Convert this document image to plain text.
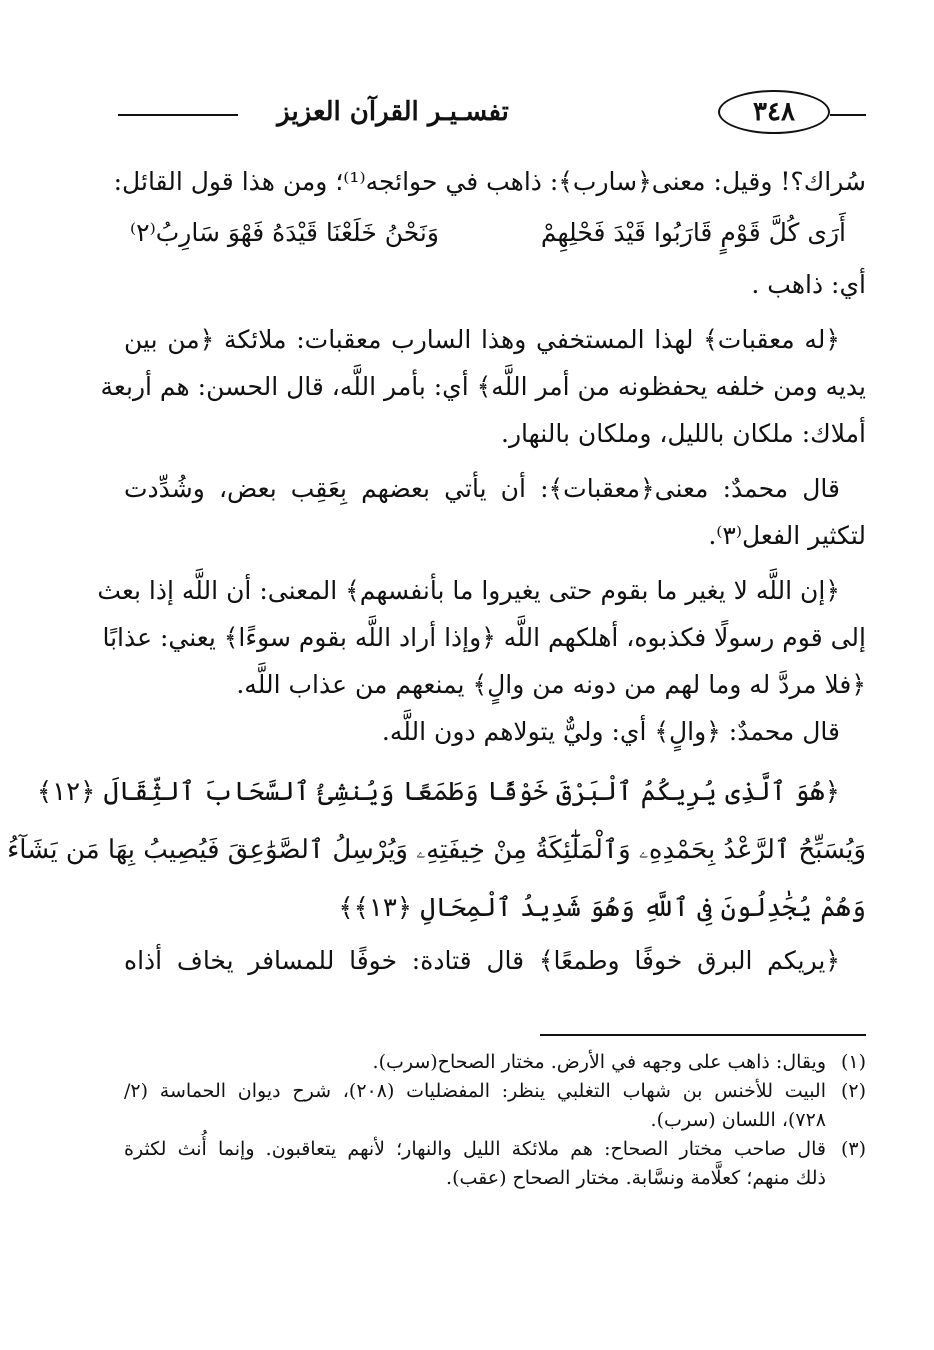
تفسـيـر القرآن العزيز	٣٤٨
سُراك؟! وقيل: معنى﴿سارب﴾: ذاهب في حوائجه⁽¹⁾؛ ومن هذا قول القائل:
أَرَى كُلَّ قَوْمٍ قَارَبُوا قَيْدَ فَحْلِهِمْ
وَنَحْنُ خَلَعْنَا قَيْدَهُ فَهْوَ سَارِبُ⁽٢⁾
أي: ذاهب .
﴿له معقبات﴾ لهذا المستخفي وهذا السارب معقبات: ملائكة ﴿من بين
يديه ومن خلفه يحفظونه من أمر اللَّه﴾ أي: بأمر اللَّه، قال الحسن: هم أربعة
أملاك: ملكان بالليل، وملكان بالنهار.
قال محمدٌ: معنى﴿معقبات﴾: أن يأتي بعضهم بِعَقِب بعض، وشُدِّدت
لتكثير الفعل⁽٣⁾.
﴿إن اللَّه لا يغير ما بقوم حتى يغيروا ما بأنفسهم﴾ المعنى: أن اللَّه إذا بعث
إلى قوم رسولًا فكذبوه، أهلكهم اللَّه ﴿وإذا أراد اللَّه بقوم سوءًا﴾ يعني: عذابًا
﴿فلا مردَّ له وما لهم من دونه من والٍ﴾ يمنعهم من عذاب اللَّه.
قال محمدٌ: ﴿والٍ﴾ أي: وليٌّ يتولاهم دون اللَّه.
﴿هُوَ ٱلَّذِى يُرِيكُمُ ٱلْبَرْقَ خَوْفًا وَطَمَعًا وَيُنشِئُ ٱلسَّحَابَ ٱلثِّقَالَ ﴿١٢﴾
وَيُسَبِّحُ ٱلرَّعْدُ بِحَمْدِهِۦ وَٱلْمَلَٰٓئِكَةُ مِنْ خِيفَتِهِۦ وَيُرْسِلُ ٱلصَّوَٰعِقَ فَيُصِيبُ بِهَا مَن يَشَآءُ
وَهُمْ يُجَٰدِلُونَ فِى ٱللَّهِ وَهُوَ شَدِيدُ ٱلْمِحَالِ ﴿١٣﴾﴾
﴿يريكم البرق خوفًا وطمعًا﴾ قال قتادة: خوفًا للمسافر يخاف أذاه
(١)
ويقال: ذاهب على وجهه في الأرض. مختار الصحاح(سرب).
(٢)
البيت للأخنس بن شهاب التغلبي ينظر: المفضليات (٢٠٨)، شرح ديوان الحماسة (٢/
٧٢٨)، اللسان (سرب).
(٣)
قال صاحب مختار الصحاح: هم ملائكة الليل والنهار؛ لأنهم يتعاقبون. وإنما أُنث لكثرة
ذلك منهم؛ كعلَّامة ونسَّابة. مختار الصحاح (عقب).
